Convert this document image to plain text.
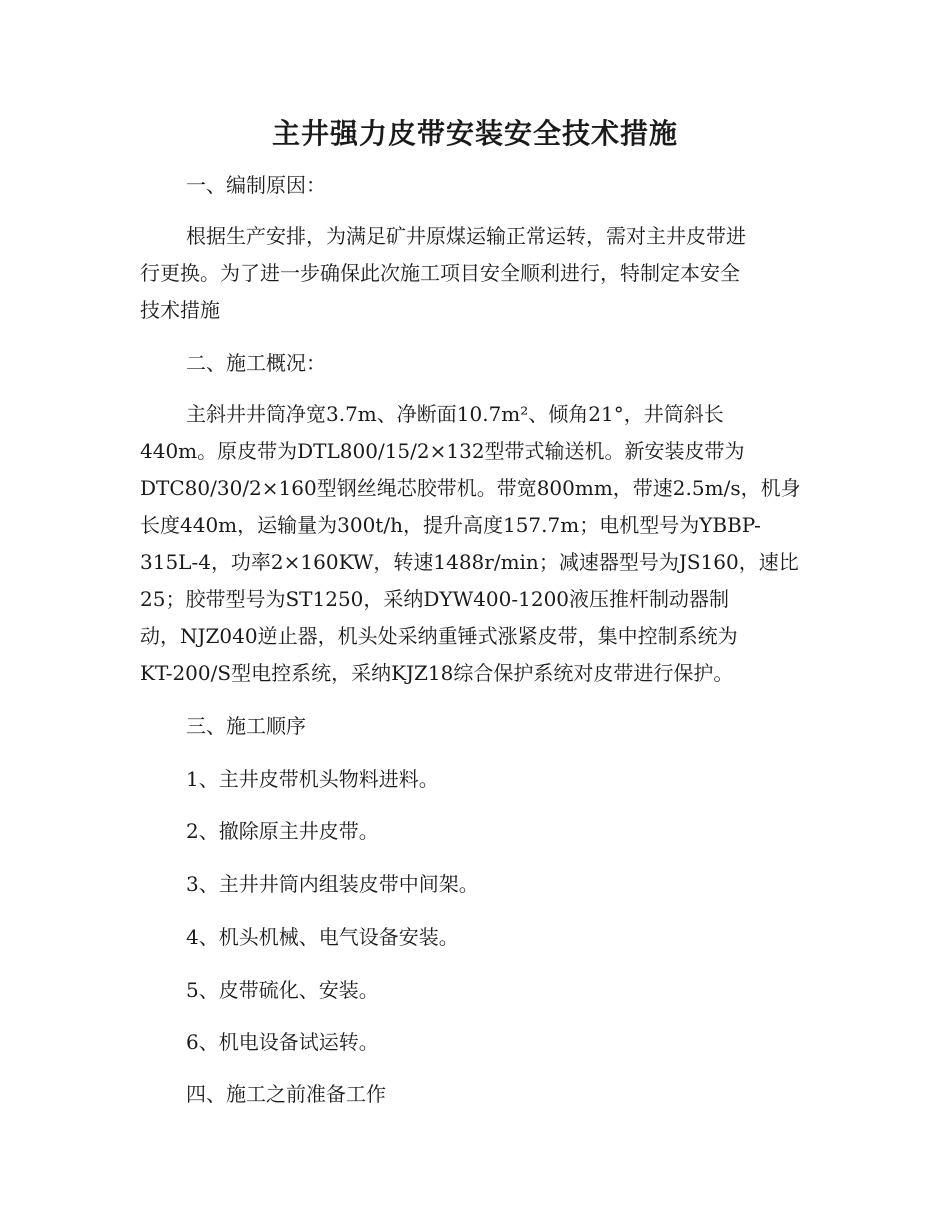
主井强力皮带安装安全技术措施
一、编制原因：
根据生产安排，为满足矿井原煤运输正常运转，需对主井皮带进
行更换。为了进一步确保此次施工项目安全顺利进行，特制定本安全
技术措施
二、施工概况：
主斜井井筒净宽3.7m、净断面10.7m²、倾角21°，井筒斜长
440m。原皮带为DTL800/15/2×132型带式输送机。新安装皮带为
DTC80/30/2×160型钢丝绳芯胶带机。带宽800mm，带速2.5m/s，机身
长度440m，运输量为300t/h，提升高度157.7m；电机型号为YBBP-
315L-4，功率2×160KW，转速1488r/min；减速器型号为JS160，速比
25；胶带型号为ST1250，采纳DYW400-1200液压推杆制动器制
动，NJZ040逆止器，机头处采纳重锤式涨紧皮带，集中控制系统为
KT-200/S型电控系统，采纳KJZ18综合保护系统对皮带进行保护。
三、施工顺序
1、主井皮带机头物料进料。
2、撤除原主井皮带。
3、主井井筒内组装皮带中间架。
4、机头机械、电气设备安装。
5、皮带硫化、安装。
6、机电设备试运转。
四、施工之前准备工作
